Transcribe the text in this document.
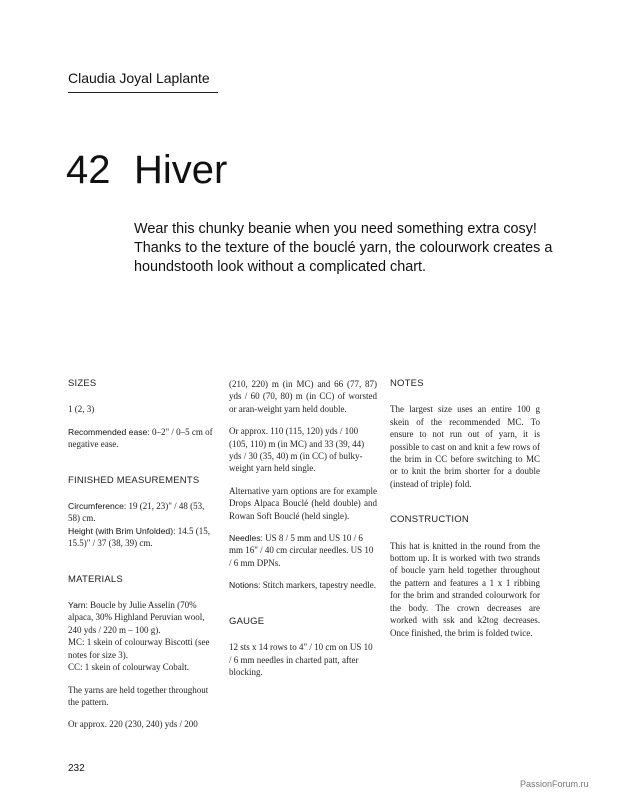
Claudia Joyal Laplante
42 Hiver
Wear this chunky beanie when you need something extra cosy! Thanks to the texture of the bouclé yarn, the colourwork creates a houndstooth look without a complicated chart.
SIZES

1 (2, 3)

Recommended ease: 0–2" / 0–5 cm of negative ease.

FINISHED MEASUREMENTS

Circumference: 19 (21, 23)" / 48 (53, 58) cm.

Height (with Brim Unfolded): 14.5 (15, 15.5)" / 37 (38, 39) cm.

MATERIALS

Yarn: Boucle by Julie Asselin (70% alpaca, 30% Highland Peruvian wool, 240 yds / 220 m – 100 g).

MC: 1 skein of colourway Biscotti (see notes for size 3).

CC: 1 skein of colourway Cobalt.

The yarns are held together throughout the pattern.

Or approx. 220 (230, 240) yds / 200

(210, 220) m (in MC) and 66 (77, 87) yds / 60 (70, 80) m (in CC) of worsted or aran-weight yarn held double.

Or approx. 110 (115, 120) yds / 100 (105, 110) m (in MC) and 33 (39, 44) yds / 30 (35, 40) m (in CC) of bulky-weight yarn held single.

Alternative yarn options are for example Drops Alpaca Bouclé (held double) and Rowan Soft Bouclé (held single).

Needles: US 8 / 5 mm and US 10 / 6 mm 16" / 40 cm circular needles. US 10 / 6 mm DPNs.

Notions: Stitch markers, tapestry needle.

GAUGE

12 sts x 14 rows to 4" / 10 cm on US 10 / 6 mm needles in charted patt, after blocking.

NOTES

The largest size uses an entire 100 g skein of the recommended MC. To ensure to not run out of yarn, it is possible to cast on and knit a few rows of the brim in CC before switching to MC or to knit the brim shorter for a double (instead of triple) fold.

CONSTRUCTION

This hat is knitted in the round from the bottom up. It is worked with two strands of boucle yarn held together throughout the pattern and features a 1 x 1 ribbing for the brim and stranded colourwork for the body. The crown decreases are worked with ssk and k2tog decreases. Once finished, the brim is folded twice.

232
PassionForum.ru
